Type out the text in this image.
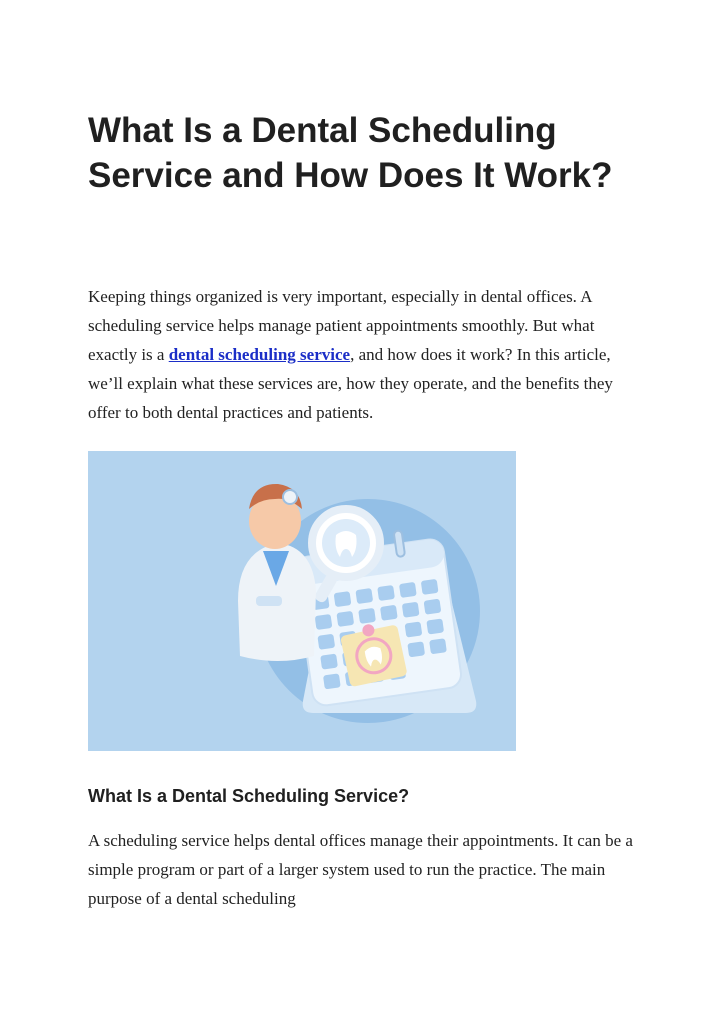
What Is a Dental Scheduling Service and How Does It Work?

Keeping things organized is very important, especially in dental offices. A scheduling service helps manage patient appointments smoothly. But what exactly is a dental scheduling service, and how does it work? In this article, we’ll explain what these services are, how they operate, and the benefits they offer to both dental practices and patients.

What Is a Dental Scheduling Service?

A scheduling service helps dental offices manage their appointments. It can be a simple program or part of a larger system used to run the practice. The main purpose of a dental scheduling
